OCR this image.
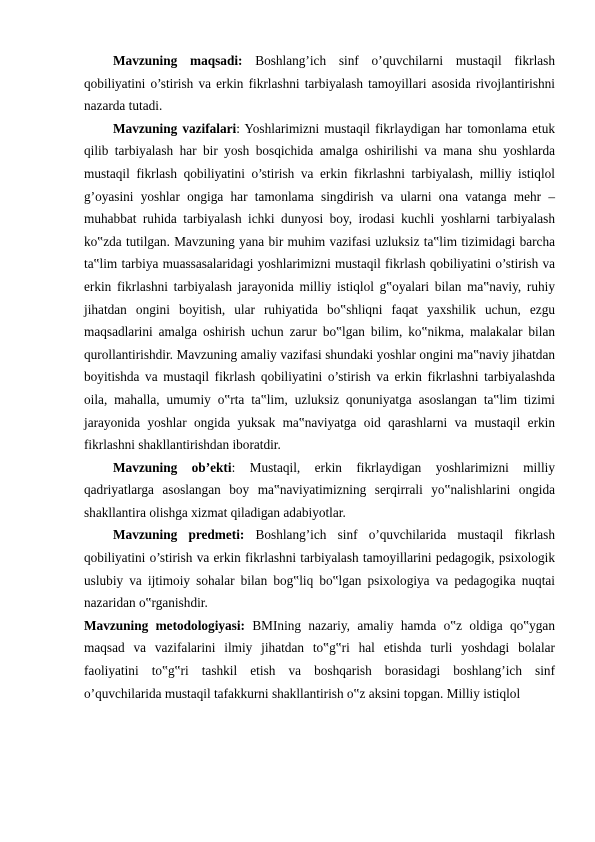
Mavzuning maqsadi: Boshlang’ich sinf o’quvchilarni mustaqil fikrlash qobiliyatini o’stirish va erkin fikrlashni tarbiyalash tamoyillari asosida rivojlantirishni nazarda tutadi.

Mavzuning vazifalari: Yoshlarimizni mustaqil fikrlaydigan har tomonlama etuk qilib tarbiyalash har bir yosh bosqichida amalga oshirilishi va mana shu yoshlarda mustaqil fikrlash qobiliyatini o’stirish va erkin fikrlashni tarbiyalash, milliy istiqlol g’oyasini yoshlar ongiga har tamonlama singdirish va ularni ona vatanga mehr – muhabbat ruhida tarbiyalash ichki dunyosi boy, irodasi kuchli yoshlarni tarbiyalash ko‟zda tutilgan. Mavzuning yana bir muhim vazifasi uzluksiz ta‟lim tizimidagi barcha ta‟lim tarbiya muassasalaridagi yoshlarimizni mustaqil fikrlash qobiliyatini o’stirish va erkin fikrlashni tarbiyalash jarayonida milliy istiqlol g‟oyalari bilan ma‟naviy, ruhiy jihatdan ongini boyitish, ular ruhiyatida bo‟shliqni faqat yaxshilik uchun, ezgu maqsadlarini amalga oshirish uchun zarur bo‟lgan bilim, ko‟nikma, malakalar bilan qurollantirishdir. Mavzuning amaliy vazifasi shundaki yoshlar ongini ma‟naviy jihatdan boyitishda va mustaqil fikrlash qobiliyatini o’stirish va erkin fikrlashni tarbiyalashda oila, mahalla, umumiy o‟rta ta‟lim, uzluksiz qonuniyatga asoslangan ta‟lim tizimi jarayonida yoshlar ongida yuksak ma‟naviyatga oid qarashlarni va mustaqil erkin fikrlashni shakllantirishdan iboratdir.

Mavzuning ob’ekti: Mustaqil, erkin fikrlaydigan yoshlarimizni milliy qadriyatlarga asoslangan boy ma‟naviyatimizning serqirrali yo‟nalishlarini ongida shakllantira olishga xizmat qiladigan adabiyotlar.

Mavzuning predmeti: Boshlang’ich sinf o’quvchilarida mustaqil fikrlash qobiliyatini o’stirish va erkin fikrlashni tarbiyalash tamoyillarini pedagogik, psixologik uslubiy va ijtimoiy sohalar bilan bog‟liq bo‟lgan psixologiya va pedagogika nuqtai nazaridan o‟rganishdir.

Mavzuning metodologiyasi: BMIning nazariy, amaliy hamda o‟z oldiga qo‟ygan maqsad va vazifalarini ilmiy jihatdan to‟g‟ri hal etishda turli yoshdagi bolalar faoliyatini to‟g‟ri tashkil etish va boshqarish borasidagi boshlang’ich sinf o’quvchilarida mustaqil tafakkurni shakllantirish o‟z aksini topgan. Milliy istiqlol
